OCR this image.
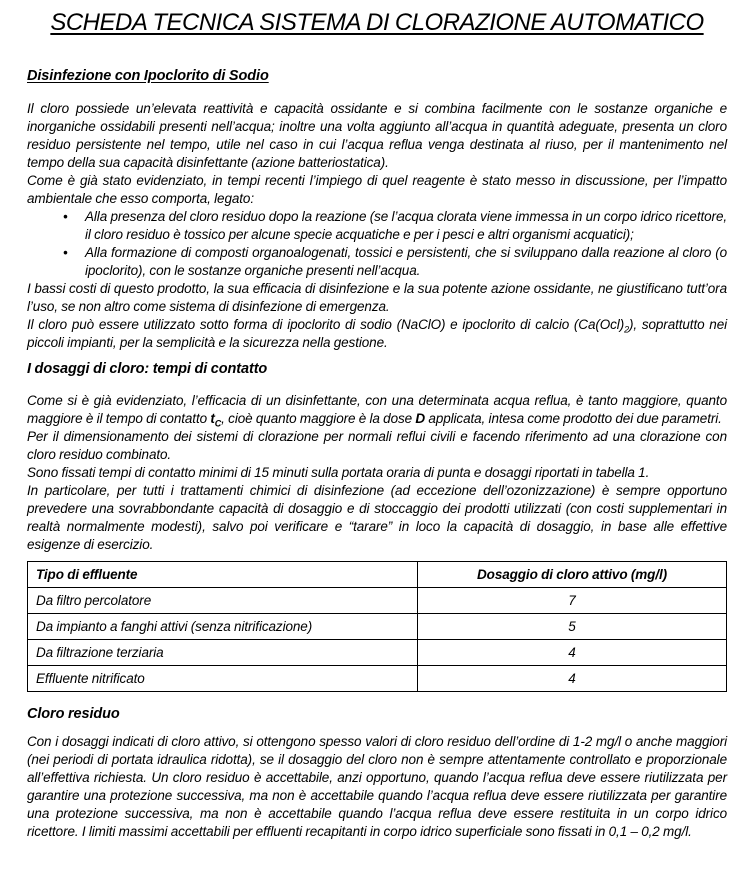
SCHEDA TECNICA SISTEMA DI CLORAZIONE AUTOMATICO
Disinfezione con Ipoclorito di Sodio

Il cloro possiede un’elevata reattività e capacità ossidante e si combina facilmente con le sostanze organiche e inorganiche ossidabili presenti nell’acqua; inoltre una volta aggiunto all’acqua in quantità adeguate, presenta un cloro residuo persistente nel tempo, utile nel caso in cui l’acqua reflua venga destinata al riuso, per il mantenimento nel tempo della sua capacità disinfettante (azione batteriostatica).

Come è già stato evidenziato, in tempi recenti l’impiego di quel reagente è stato messo in discussione, per l’impatto ambientale che esso comporta, legato:

• Alla presenza del cloro residuo dopo la reazione (se l’acqua clorata viene immessa in un corpo idrico ricettore, il cloro residuo è tossico per alcune specie acquatiche e per i pesci e altri organismi acquatici);
• Alla formazione di composti organoalogenati, tossici e persistenti, che si sviluppano dalla reazione al cloro (o ipoclorito), con le sostanze organiche presenti nell’acqua.

I bassi costi di questo prodotto, la sua efficacia di disinfezione e la sua potente azione ossidante, ne giustificano tutt’ora l’uso, se non altro come sistema di disinfezione di emergenza.

Il cloro può essere utilizzato sotto forma di ipoclorito di sodio (NaClO) e ipoclorito di calcio $(Ca(Ocl)_2)$, soprattutto nei piccoli impianti, per la semplicità e la sicurezza nella gestione.

I dosaggi di cloro: tempi di contatto

Come si è già evidenziato, l’efficacia di un disinfettante, con una determinata acqua reflua, è tanto maggiore, quanto maggiore è il tempo di contatto $t_C$, cioè quanto maggiore è la dose D applicata, intesa come prodotto dei due parametri.

Per il dimensionamento dei sistemi di clorazione per normali reflui civili e facendo riferimento ad una clorazione con cloro residuo combinato.

Sono fissati tempi di contatto minimi di 15 minuti sulla portata oraria di punta e dosaggi riportati in tabella 1.

In particolare, per tutti i trattamenti chimici di disinfezione (ad eccezione dell’ozonizzazione) è sempre opportuno prevedere una sovrabbondante capacità di dosaggio e di stoccaggio dei prodotti utilizzati (con costi supplementari in realtà normalmente modesti), salvo poi verificare e “tarare” in loco la capacità di dosaggio, in base alle effettive esigenze di esercizio.

Tipo di effluente	Dosaggio di cloro attivo (mg/l)
Da filtro percolatore	7
Da impianto a fanghi attivi (senza nitrificazione)	5
Da filtrazione terziaria	4
Effluente nitrificato	4
Cloro residuo

Con i dosaggi indicati di cloro attivo, si ottengono spesso valori di cloro residuo dell’ordine di 1-2 mg/l o anche maggiori (nei periodi di portata idraulica ridotta), se il dosaggio del cloro non è sempre attentamente controllato e proporzionale all’effettiva richiesta. Un cloro residuo è accettabile, anzi opportuno, quando l’acqua reflua deve essere riutilizzata per garantire una protezione successiva, ma non è accettabile quando l’acqua reflua deve essere riutilizzata per garantire una protezione successiva, ma non è accettabile quando l’acqua reflua deve essere restituita in un corpo idrico ricettore. I limiti massimi accettabili per effluenti recapitanti in corpo idrico superficiale sono fissati in 0,1 – 0,2 mg/l.
